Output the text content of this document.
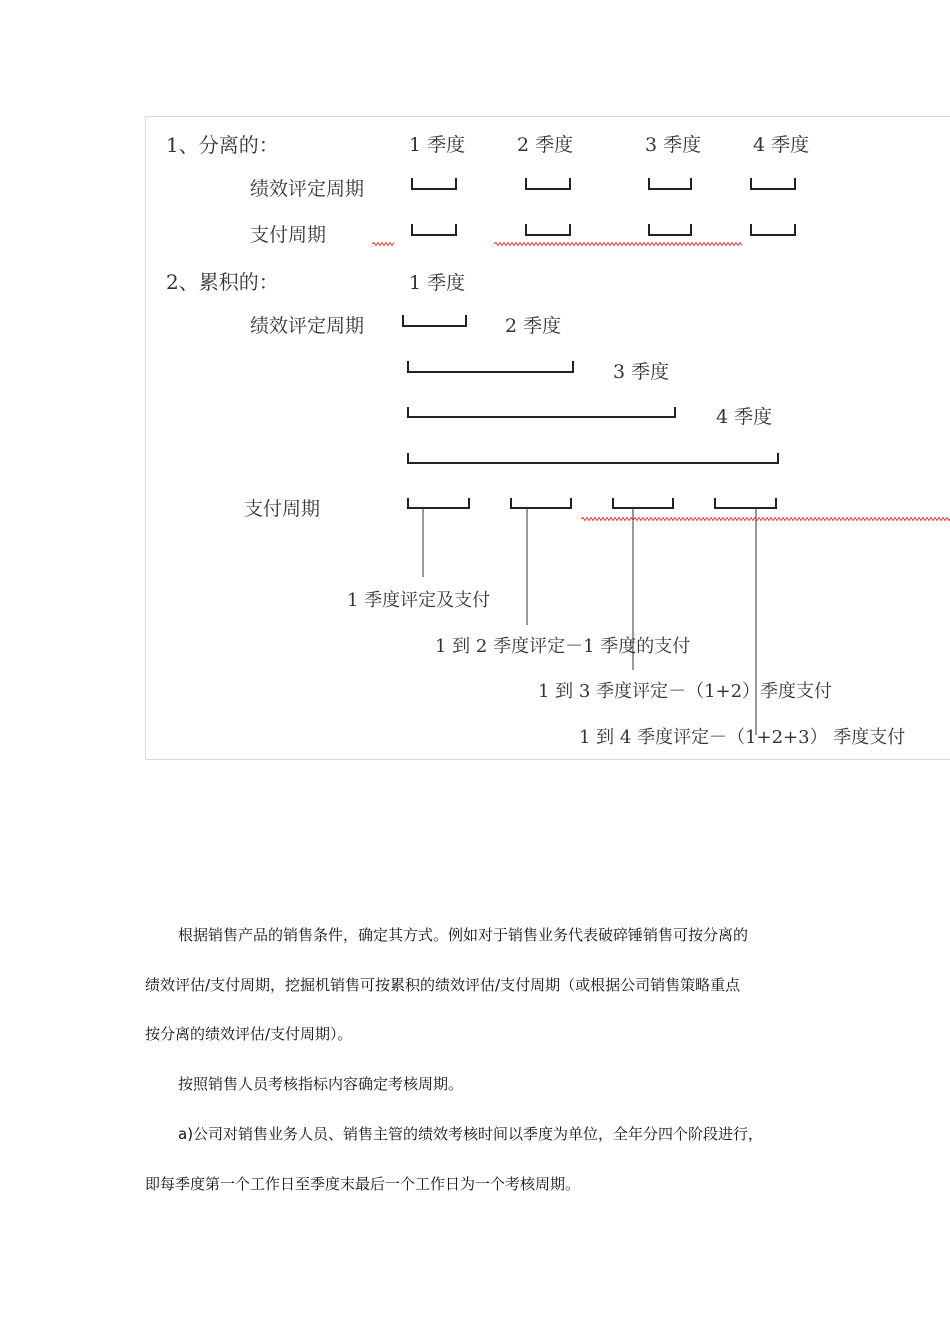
1、分离的：	1 季度	2 季度	3 季度	4 季度
绩效评定周期
支付周期
2、累积的：	1 季度
绩效评定周期	2 季度
3 季度
4 季度
支付周期
1 季度评定及支付
1 到 2 季度评定－1 季度的支付
1 到 3 季度评定－（1+2）季度支付
1 到 4 季度评定－（1+2+3） 季度支付
根据销售产品的销售条件，确定其方式。例如对于销售业务代表破碎锤销售可按分离的
绩效评估/支付周期，挖掘机销售可按累积的绩效评估/支付周期（或根据公司销售策略重点
按分离的绩效评估/支付周期）。
按照销售人员考核指标内容确定考核周期。
a)公司对销售业务人员、销售主管的绩效考核时间以季度为单位，全年分四个阶段进行，
即每季度第一个工作日至季度末最后一个工作日为一个考核周期。
